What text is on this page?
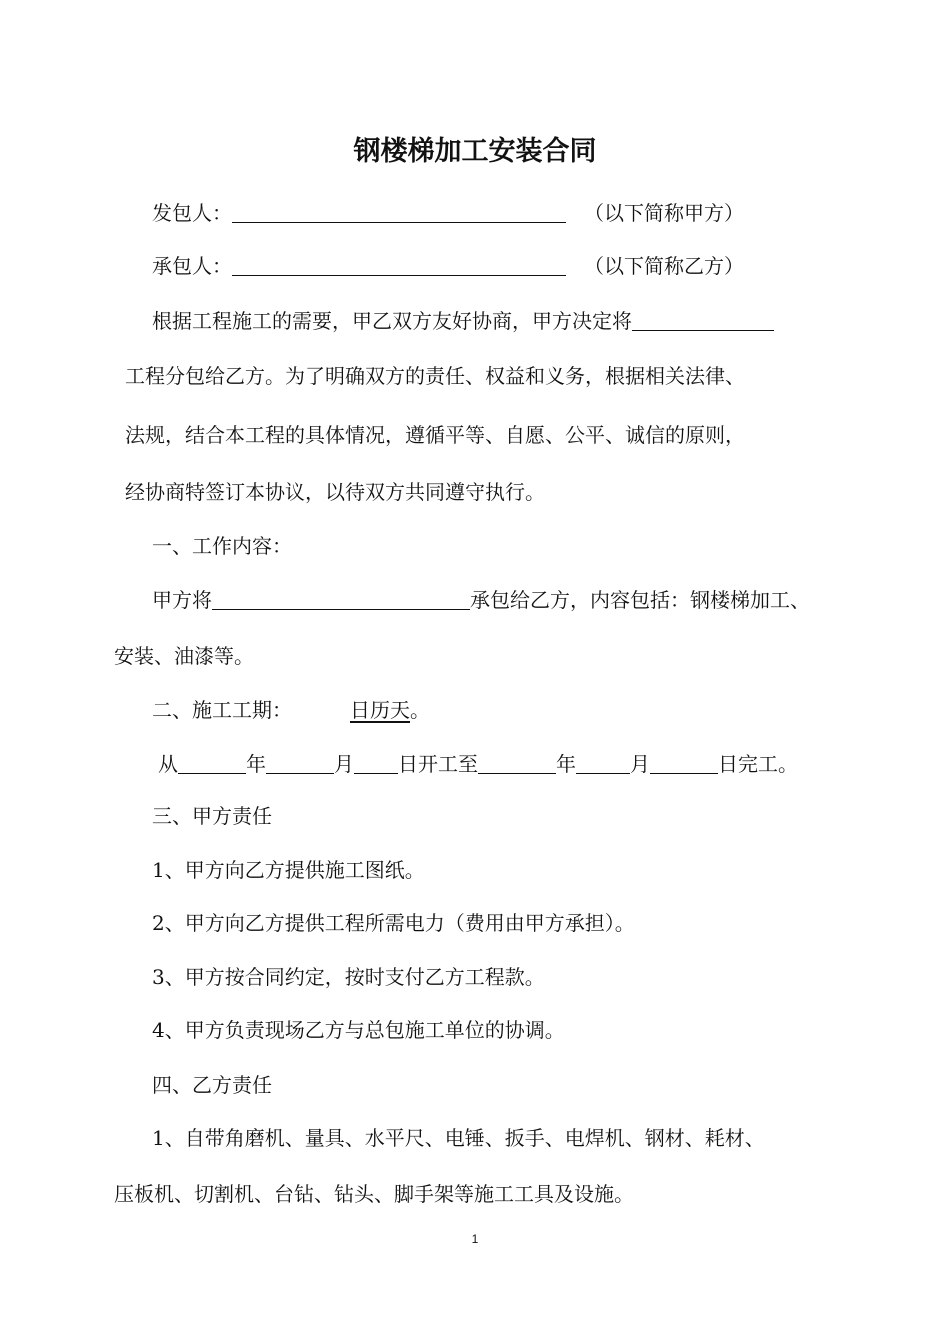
钢楼梯加工安装合同
发包人：	（以下简称甲方）
承包人：	（以下简称乙方）
根据工程施工的需要，甲乙双方友好协商，甲方决定将
工程分包给乙方。为了明确双方的责任、权益和义务，根据相关法律、
法规，结合本工程的具体情况，遵循平等、自愿、公平、诚信的原则，
经协商特签订本协议，以待双方共同遵守执行。
一、工作内容：
甲方将	承包给乙方，内容包括：钢楼梯加工、
安装、油漆等。
二、施工工期：	日历天。
从	年	月 日开工至	年	月	日完工。
三、甲方责任
1、甲方向乙方提供施工图纸。
2、甲方向乙方提供工程所需电力（费用由甲方承担）。
3、甲方按合同约定，按时支付乙方工程款。
4、甲方负责现场乙方与总包施工单位的协调。
四、乙方责任
1、自带角磨机、量具、水平尺、电锤、扳手、电焊机、钢材、耗材、
压板机、切割机、台钻、钻头、脚手架等施工工具及设施。
1
